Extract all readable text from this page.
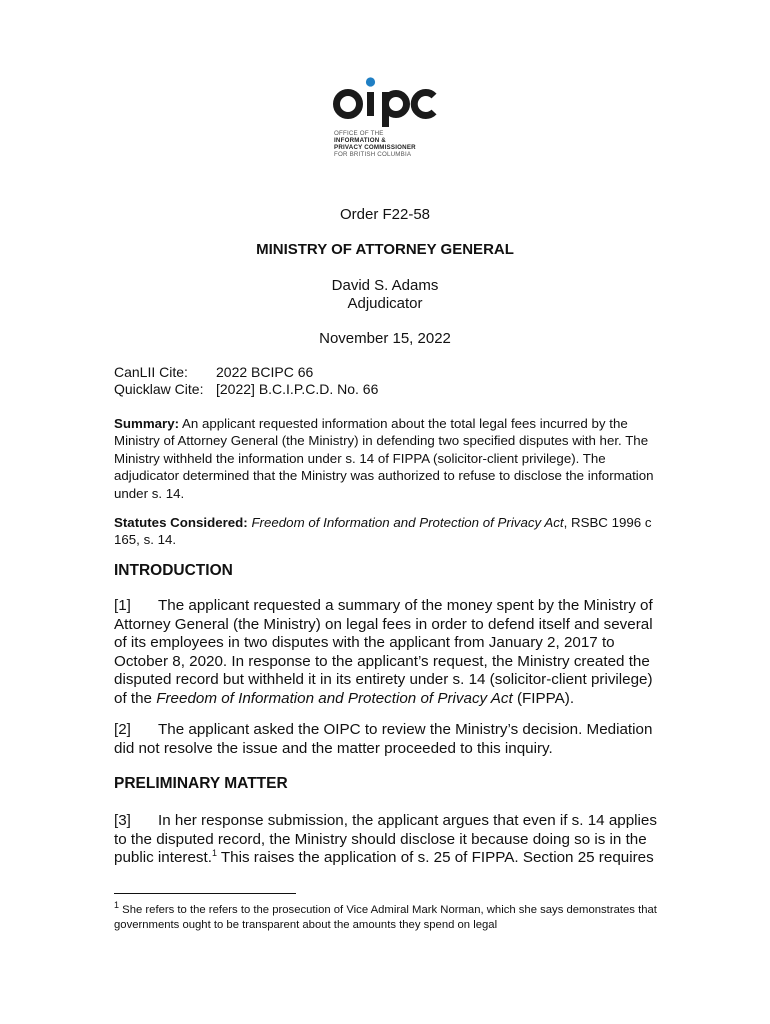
OFFICE OF THE
INFORMATION &
PRIVACY COMMISSIONER
FOR BRITISH COLUMBIA
Order F22-58
MINISTRY OF ATTORNEY GENERAL
David S. Adams
Adjudicator
November 15, 2022
CanLII Cite: 2022 BCIPC 66
Quicklaw Cite: [2022] B.C.I.P.C.D. No. 66

Summary: An applicant requested information about the total legal fees incurred by the Ministry of Attorney General (the Ministry) in defending two specified disputes with her. The Ministry withheld the information under s. 14 of FIPPA (solicitor-client privilege). The adjudicator determined that the Ministry was authorized to refuse to disclose the information under s. 14.

Statutes Considered: Freedom of Information and Protection of Privacy Act, RSBC 1996 c 165, s. 14.

INTRODUCTION

[1] The applicant requested a summary of the money spent by the Ministry of Attorney General (the Ministry) on legal fees in order to defend itself and several of its employees in two disputes with the applicant from January 2, 2017 to October 8, 2020. In response to the applicant’s request, the Ministry created the disputed record but withheld it in its entirety under s. 14 (solicitor-client privilege) of the Freedom of Information and Protection of Privacy Act (FIPPA).

[2] The applicant asked the OIPC to review the Ministry’s decision. Mediation did not resolve the issue and the matter proceeded to this inquiry.

PRELIMINARY MATTER

[3] In her response submission, the applicant argues that even if s. 14 applies to the disputed record, the Ministry should disclose it because doing so is in the public interest.$^1$ This raises the application of s. 25 of FIPPA. Section 25 requires

$^1$ She refers to the refers to the prosecution of Vice Admiral Mark Norman, which she says demonstrates that governments ought to be transparent about the amounts they spend on legal
